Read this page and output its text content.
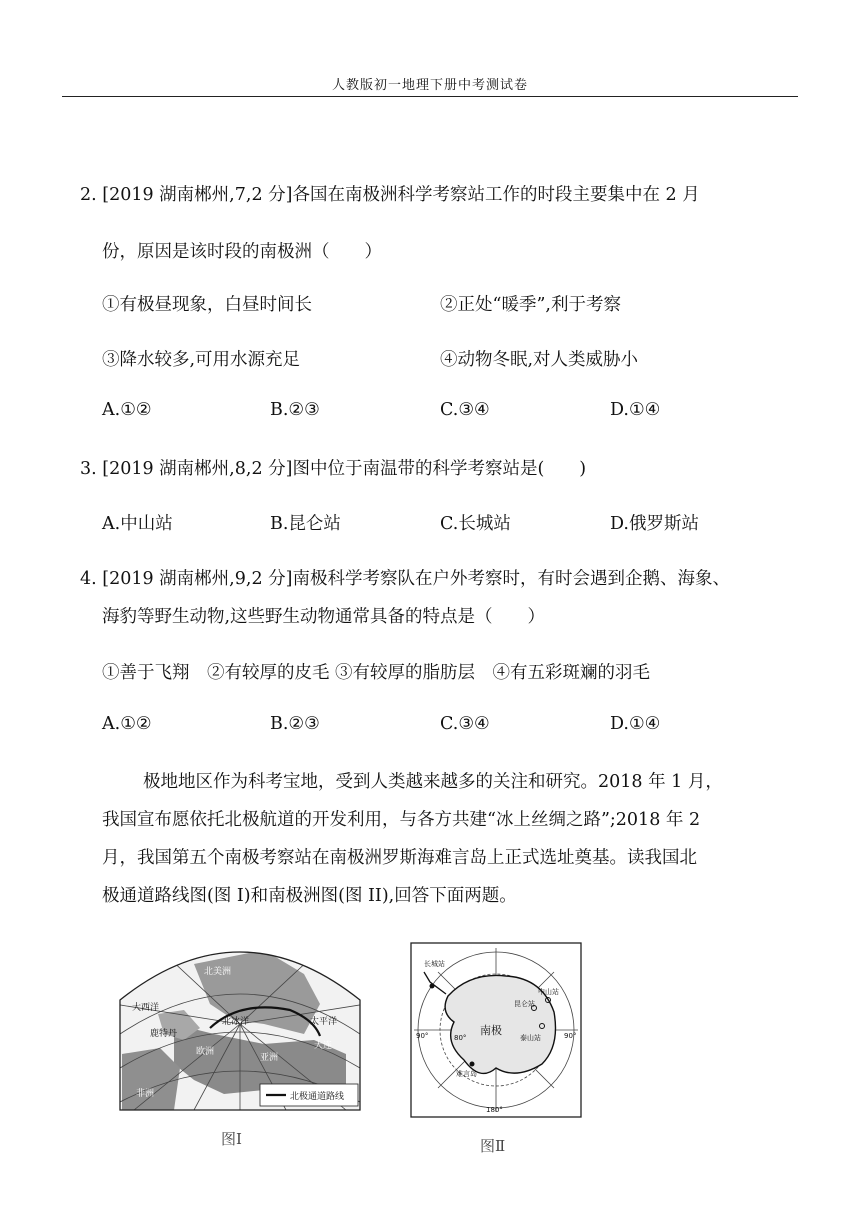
人教版初一地理下册中考测试卷
2. [2019 湖南郴州,7,2 分]各国在南极洲科学考察站工作的时段主要集中在 2 月
份，原因是该时段的南极洲（　　）
①有极昼现象，白昼时间长	②正处“暖季”,利于考察
③降水较多,可用水源充足	④动物冬眠,对人类威胁小
A.①②	B.②③	C.③④	D.①④
3. [2019 湖南郴州,8,2 分]图中位于南温带的科学考察站是(　　)
A.中山站	B.昆仑站	C.长城站	D.俄罗斯站
4. [2019 湖南郴州,9,2 分]南极科学考察队在户外考察时，有时会遇到企鹅、海象、
海豹等野生动物,这些野生动物通常具备的特点是（　　）
①善于飞翔　②有较厚的皮毛 ③有较厚的脂肪层　④有五彩斑斓的羽毛
A.①②	B.②③	C.③④	D.①④
极地地区作为科考宝地，受到人类越来越多的关注和研究。2018 年 1 月，
我国宣布愿依托北极航道的开发利用，与各方共建“冰上丝绸之路”;2018 年 2
月，我国第五个南极考察站在南极洲罗斯海难言岛上正式选址奠基。读我国北
极通道路线图(图 I)和南极洲图(图 II),回答下面两题。
北美洲
大西洋
北冰洋	太平洋
鹿特丹
欧洲
亚洲
大连
非洲	北极通道路线
图Ⅰ
南极
长城站
中山站
昆仑站
泰山站
难言岛
180°
90°	90°
80°
图Ⅱ
